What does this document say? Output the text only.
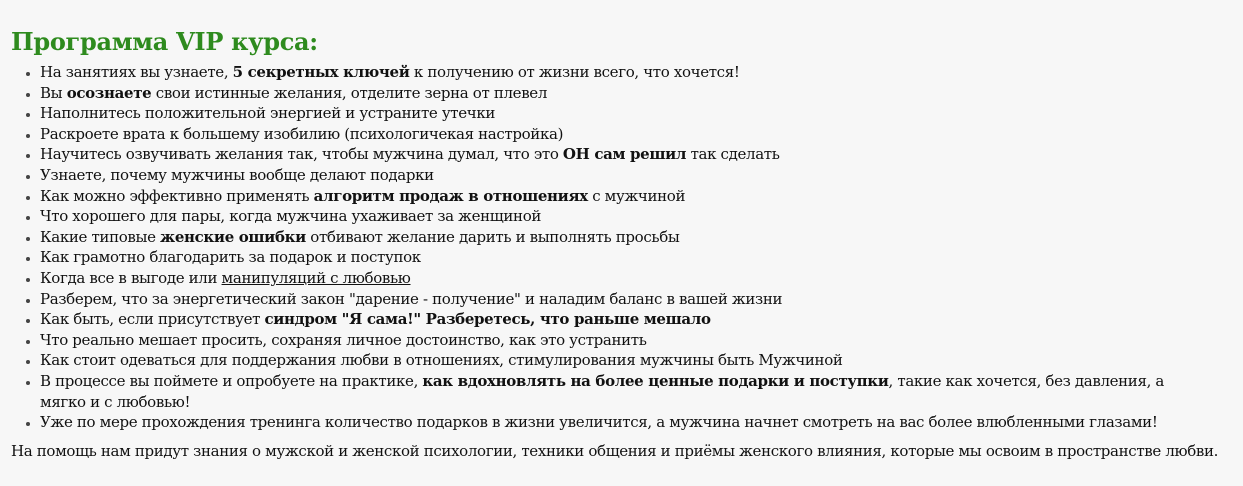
Программа VIP курса:
• На занятиях вы узнаете, 5 секретных ключей к получению от жизни всего, что хочется!
• Вы осознаете свои истинные желания, отделите зерна от плевел
• Наполнитесь положительной энергией и устраните утечки
• Раскроете врата к большему изобилию (психологичекая настройка)
• Научитесь озвучивать желания так, чтобы мужчина думал, что это ОН сам решил так сделать
• Узнаете, почему мужчины вообще делают подарки
• Как можно эффективно применять алгоритм продаж в отношениях с мужчиной
• Что хорошего для пары, когда мужчина ухаживает за женщиной
• Какие типовые женские ошибки отбивают желание дарить и выполнять просьбы
• Как грамотно благодарить за подарок и поступок
• Когда все в выгоде или манипуляций с любовью
• Разберем, что за энергетический закон "дарение - получение" и наладим баланс в вашей жизни
• Как быть, если присутствует синдром "Я сама!" Разберетесь, что раньше мешало
• Что реально мешает просить, сохраняя личное достоинство, как это устранить
• Как стоит одеваться для поддержания любви в отношениях, стимулирования мужчины быть Мужчиной
• В процессе вы поймете и опробуете на практике, как вдохновлять на более ценные подарки и поступки, такие как хочется, без давления, а мягко и с любовью!
• Уже по мере прохождения тренинга количество подарков в жизни увеличится, а мужчина начнет смотреть на вас более влюбленными глазами!

На помощь нам придут знания о мужской и женской психологии, техники общения и приёмы женского влияния, которые мы освоим в пространстве любви.
